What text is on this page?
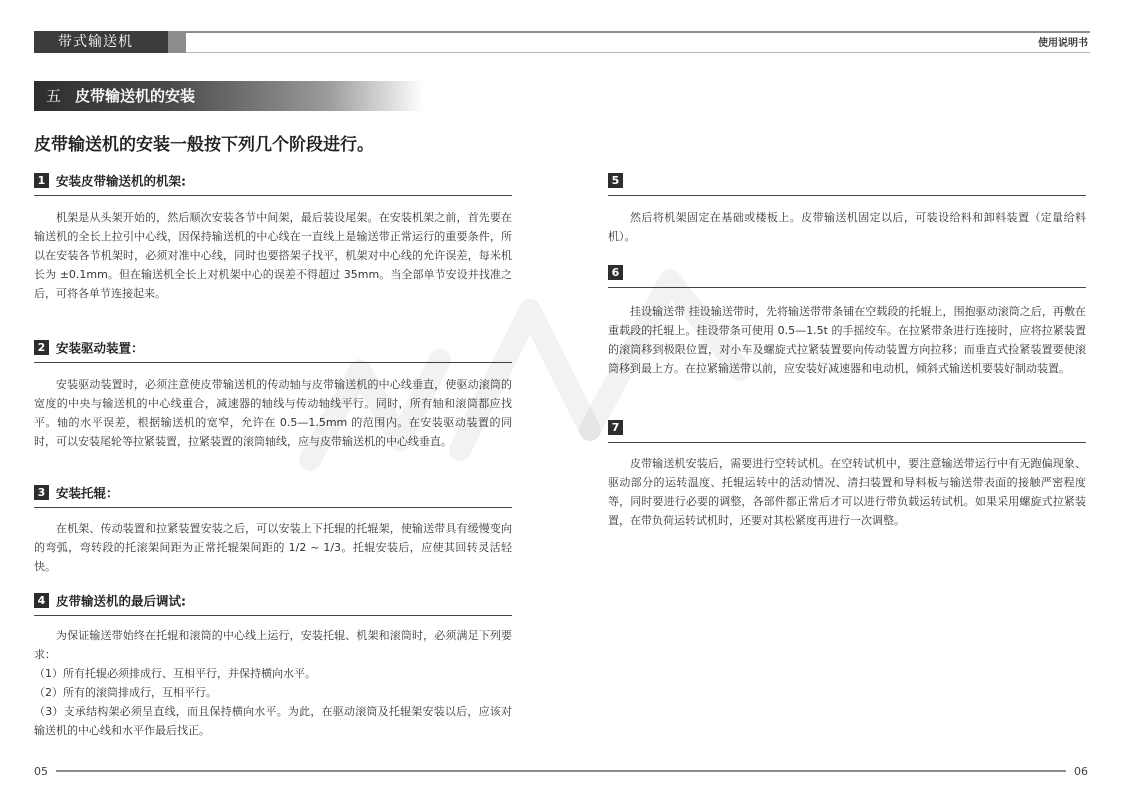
带式输送机	使用说明书
五 皮带输送机的安装
皮带输送机的安装一般按下列几个阶段进行。
1 安装皮带输送机的机架:

机架是从头架开始的，然后顺次安装各节中间架，最后装设尾架。在安装机架之前，首先要在输送机的全长上拉引中心线，因保持输送机的中心线在一直线上是输送带正常运行的重要条件，所以在安装各节机架时，必须对准中心线，同时也要搭架子找平，机架对中心线的允许误差，每米机长为 ±0.1mm。但在输送机全长上对机架中心的误差不得超过 35mm。当全部单节安设并找准之后，可将各单节连接起来。

2 安装驱动装置：

安装驱动装置时，必须注意使皮带输送机的传动轴与皮带输送机的中心线垂直，使驱动滚筒的宽度的中央与输送机的中心线重合，减速器的轴线与传动轴线平行。同时，所有轴和滚筒都应找平。轴的水平误差，根据输送机的宽窄，允许在 0.5—1.5mm 的范围内。在安装驱动装置的同时，可以安装尾轮等拉紧装置，拉紧装置的滚筒轴线，应与皮带输送机的中心线垂直。

3 安装托辊：

在机架、传动装置和拉紧装置安装之后，可以安装上下托辊的托辊架，使输送带具有缓慢变向的弯弧，弯转段的托滚架间距为正常托辊架间距的 1/2 ~ 1/3。托辊安装后，应使其回转灵活轻快。

4 皮带输送机的最后调试:

为保证输送带始终在托辊和滚筒的中心线上运行，安装托辊、机架和滚筒时，必须满足下列要求：

（1）所有托辊必须排成行、互相平行，并保持横向水平。

（2）所有的滚筒排成行，互相平行。

（3）支承结构架必须呈直线，而且保持横向水平。为此，在驱动滚筒及托辊架安装以后，应该对输送机的中心线和水平作最后找正。

5

然后将机架固定在基础或楼板上。皮带输送机固定以后，可装设给料和卸料装置（定量给料机）。

6

挂设输送带 挂设输送带时，先将输送带带条铺在空载段的托辊上，围抱驱动滚筒之后，再敷在重载段的托辊上。挂设带条可使用 0.5—1.5t 的手摇绞车。在拉紧带条进行连接时，应将拉紧装置的滚筒移到极限位置，对小车及螺旋式拉紧装置要向传动装置方向拉移；而垂直式捡紧装置要使滚筒移到最上方。在拉紧输送带以前，应安装好减速器和电动机，倾斜式输送机要装好制动装置。

7

皮带输送机安装后，需要进行空转试机。在空转试机中，要注意输送带运行中有无跑偏现象、驱动部分的运转温度、托辊运转中的活动情况、清扫装置和导料板与输送带表面的接触严密程度等，同时要进行必要的调整，各部件都正常后才可以进行带负载运转试机。如果采用螺旋式拉紧装置，在带负荷运转试机时，还要对其松紧度再进行一次调整。

05	06
